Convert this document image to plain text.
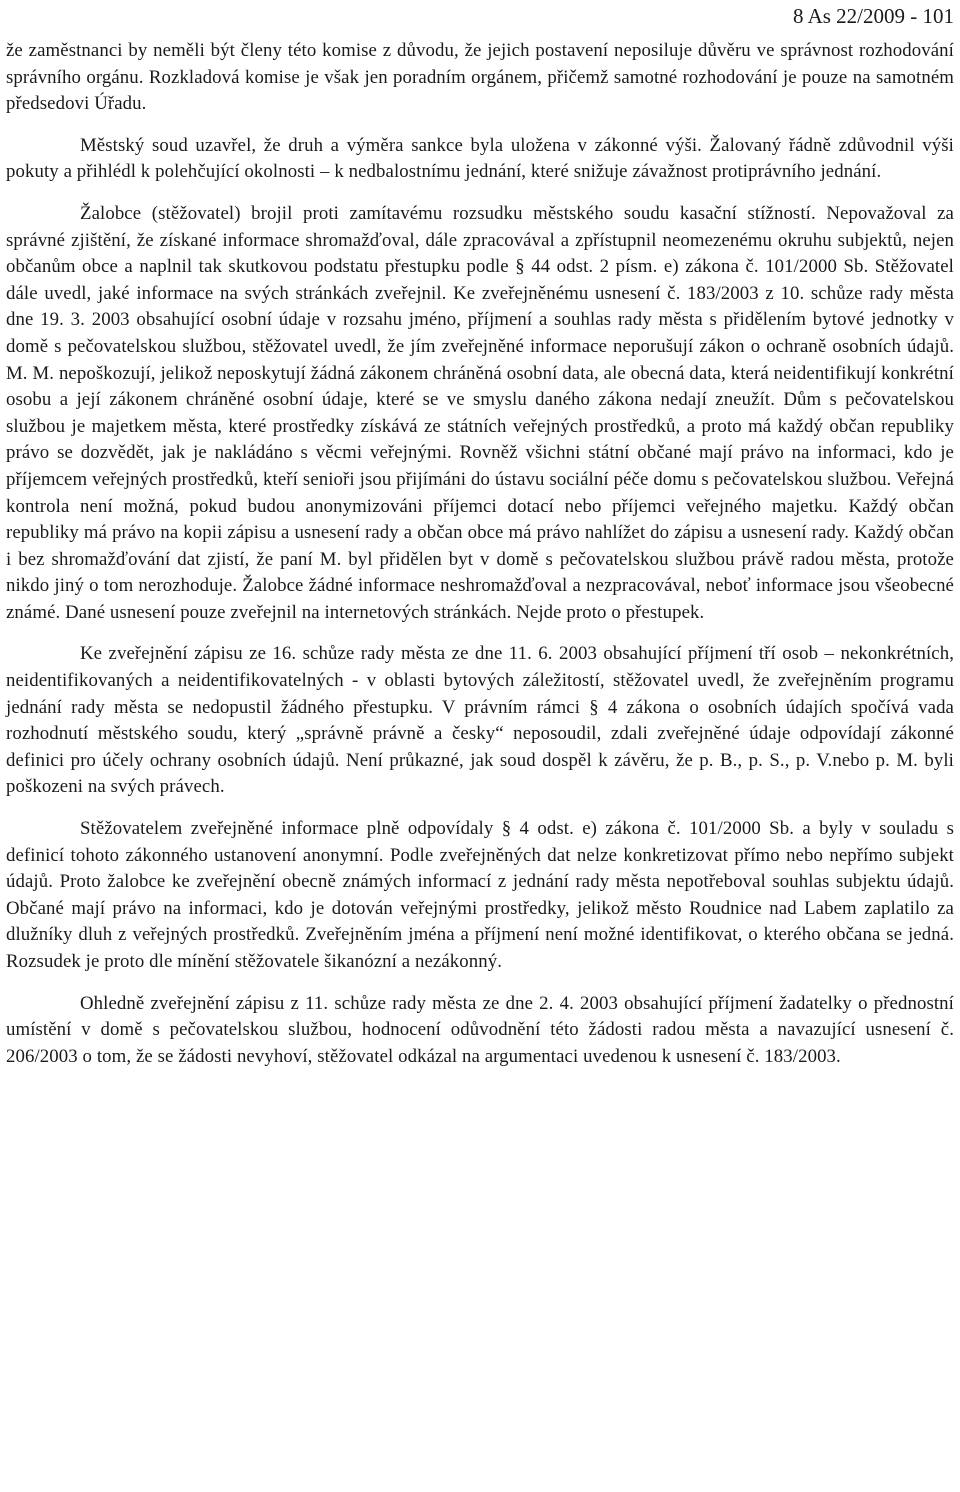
8 As 22/2009 - 101

že zaměstnanci by neměli být členy této komise z důvodu, že jejich postavení neposiluje důvěru ve správnost rozhodování správního orgánu. Rozkladová komise je však jen poradním orgánem, přičemž samotné rozhodování je pouze na samotném předsedovi Úřadu.

Městský soud uzavřel, že druh a výměra sankce byla uložena v zákonné výši. Žalovaný řádně zdůvodnil výši pokuty a přihlédl k polehčující okolnosti – k nedbalostnímu jednání, které snižuje závažnost protiprávního jednání.

Žalobce (stěžovatel) brojil proti zamítavému rozsudku městského soudu kasační stížností. Nepovažoval za správné zjištění, že získané informace shromažďoval, dále zpracovával a zpřístupnil neomezenému okruhu subjektů, nejen občanům obce a naplnil tak skutkovou podstatu přestupku podle § 44 odst. 2 písm. e) zákona č. 101/2000 Sb. Stěžovatel dále uvedl, jaké informace na svých stránkách zveřejnil. Ke zveřejněnému usnesení č. 183/2003 z 10. schůze rady města dne 19. 3. 2003 obsahující osobní údaje v rozsahu jméno, příjmení a souhlas rady města s přidělením bytové jednotky v domě s pečovatelskou službou, stěžovatel uvedl, že jím zveřejněné informace neporušují zákon o ochraně osobních údajů. M. M. nepoškozují, jelikož neposkytují žádná zákonem chráněná osobní data, ale obecná data, která neidentifikují konkrétní osobu a její zákonem chráněné osobní údaje, které se ve smyslu daného zákona nedají zneužít. Dům s pečovatelskou službou je majetkem města, které prostředky získává ze státních veřejných prostředků, a proto má každý občan republiky právo se dozvědět, jak je nakládáno s věcmi veřejnými. Rovněž všichni státní občané mají právo na informaci, kdo je příjemcem veřejných prostředků, kteří senioři jsou přijímáni do ústavu sociální péče domu s pečovatelskou službou. Veřejná kontrola není možná, pokud budou anonymizováni příjemci dotací nebo příjemci veřejného majetku. Každý občan republiky má právo na kopii zápisu a usnesení rady a občan obce má právo nahlížet do zápisu a usnesení rady. Každý občan i bez shromažďování dat zjistí, že paní M. byl přidělen byt v domě s pečovatelskou službou právě radou města, protože nikdo jiný o tom nerozhoduje. Žalobce žádné informace neshromažďoval a nezpracovával, neboť informace jsou všeobecné známé. Dané usnesení pouze zveřejnil na internetových stránkách. Nejde proto o přestupek.

Ke zveřejnění zápisu ze 16. schůze rady města ze dne 11. 6. 2003 obsahující příjmení tří osob – nekonkrétních, neidentifikovaných a neidentifikovatelných - v oblasti bytových záležitostí, stěžovatel uvedl, že zveřejněním programu jednání rady města se nedopustil žádného přestupku. V právním rámci § 4 zákona o osobních údajích spočívá vada rozhodnutí městského soudu, který „správně právně a česky“ neposoudil, zdali zveřejněné údaje odpovídají zákonné definici pro účely ochrany osobních údajů. Není průkazné, jak soud dospěl k závěru, že p. B., p. S., p. V.nebo p. M. byli poškozeni na svých právech.

Stěžovatelem zveřejněné informace plně odpovídaly § 4 odst. e) zákona č. 101/2000 Sb. a byly v souladu s definicí tohoto zákonného ustanovení anonymní. Podle zveřejněných dat nelze konkretizovat přímo nebo nepřímo subjekt údajů. Proto žalobce ke zveřejnění obecně známých informací z jednání rady města nepotřeboval souhlas subjektu údajů. Občané mají právo na informaci, kdo je dotován veřejnými prostředky, jelikož město Roudnice nad Labem zaplatilo za dlužníky dluh z veřejných prostředků. Zveřejněním jména a příjmení není možné identifikovat, o kterého občana se jedná. Rozsudek je proto dle mínění stěžovatele šikanózní a nezákonný.

Ohledně zveřejnění zápisu z 11. schůze rady města ze dne 2. 4. 2003 obsahující příjmení žadatelky o přednostní umístění v domě s pečovatelskou službou, hodnocení odůvodnění této žádosti radou města a navazující usnesení č. 206/2003 o tom, že se žádosti nevyhoví, stěžovatel odkázal na argumentaci uvedenou k usnesení č. 183/2003.
